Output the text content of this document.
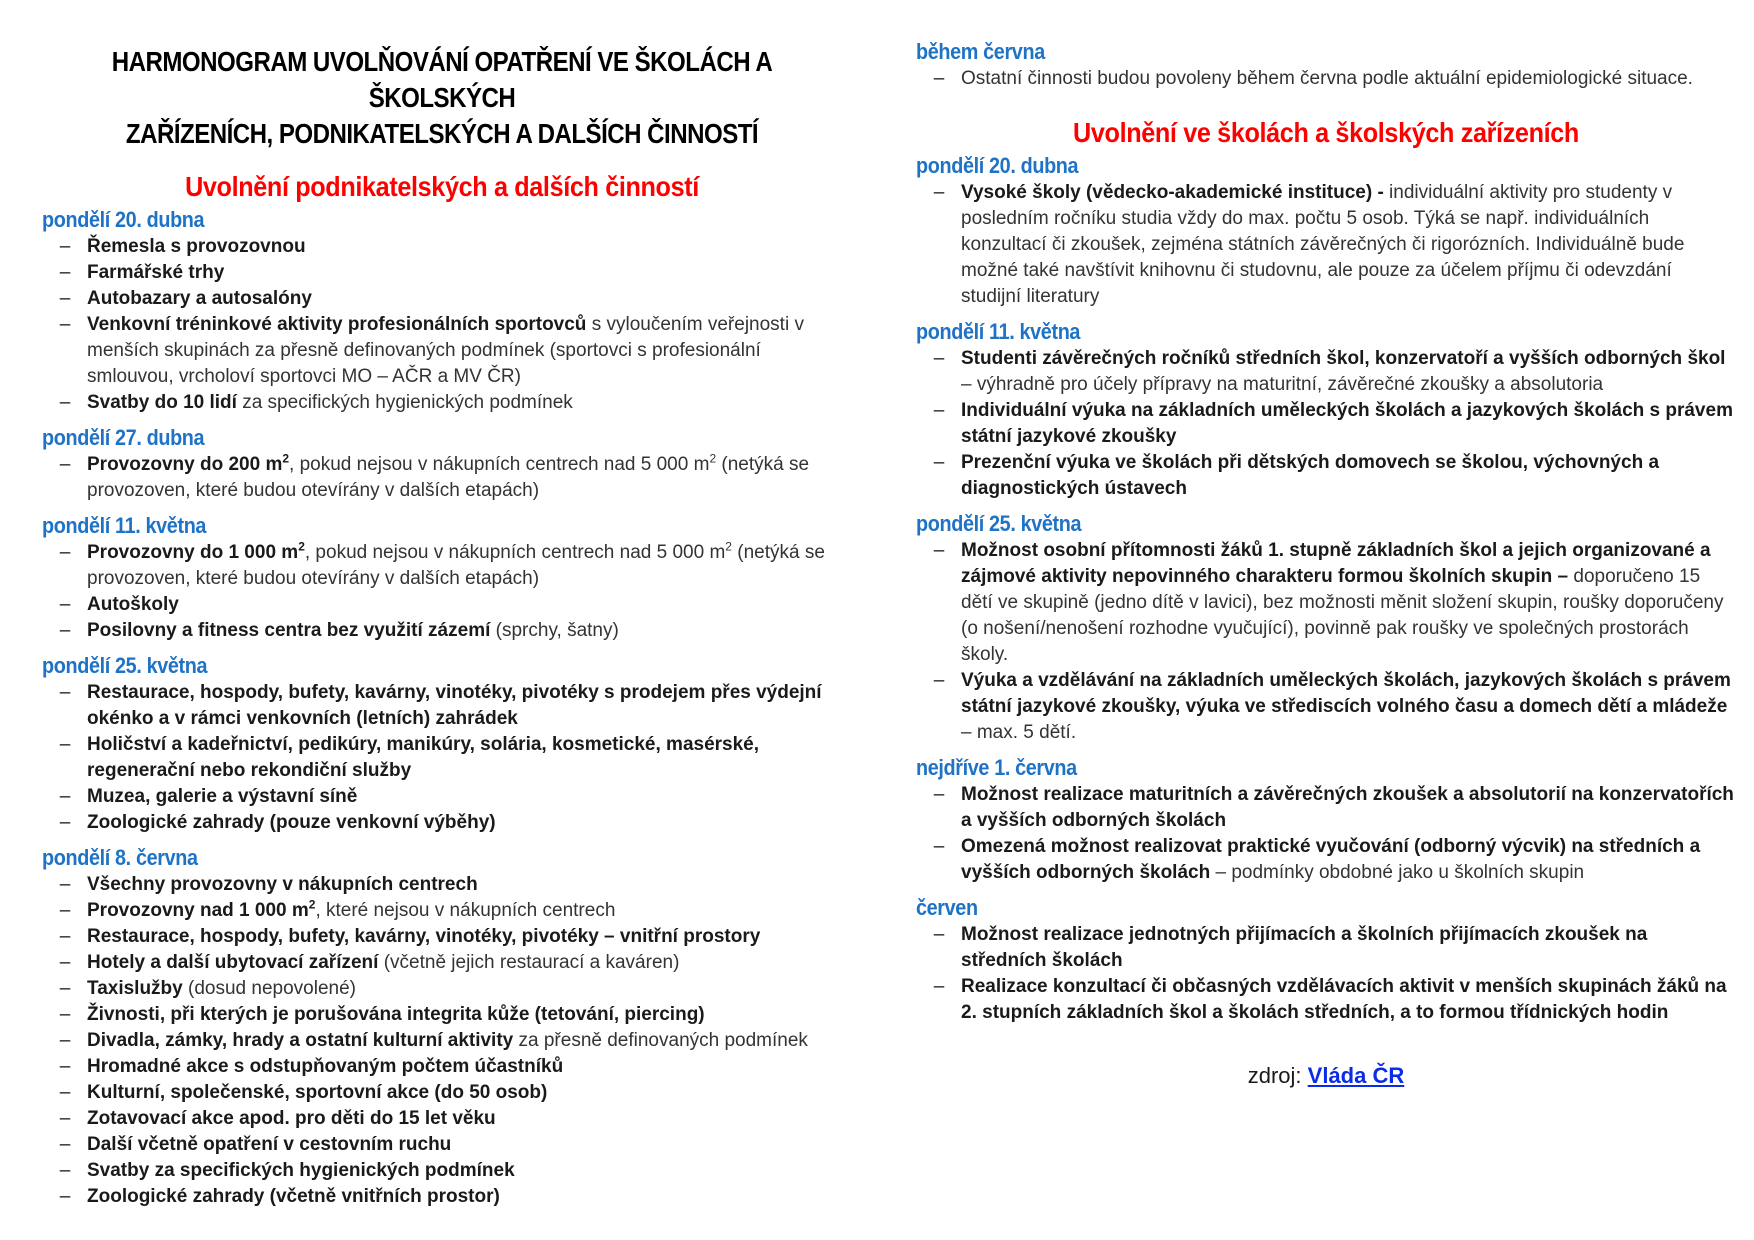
HARMONOGRAM UVOLŇOVÁNÍ OPATŘENÍ VE ŠKOLÁCH A ŠKOLSKÝCH
ZAŘÍZENÍCH, PODNIKATELSKÝCH A DALŠÍCH ČINNOSTÍ
Uvolnění podnikatelských a dalších činností
pondělí 20. dubna
– Řemesla s provozovnou
– Farmářské trhy
– Autobazary a autosalóny
– Venkovní tréninkové aktivity profesionálních sportovců s vyloučením veřejnosti v menších skupinách za přesně definovaných podmínek (sportovci s profesionální smlouvou, vrcholoví sportovci MO – AČR a MV ČR)
– Svatby do 10 lidí za specifických hygienických podmínek
pondělí 27. dubna
– Provozovny do 200 $m^2$, pokud nejsou v nákupních centrech nad 5 000 $m^2$ (netýká se provozoven, které budou otevírány v dalších etapách)
pondělí 11. května
– Provozovny do 1 000 $m^2$, pokud nejsou v nákupních centrech nad 5 000 $m^2$ (netýká se provozoven, které budou otevírány v dalších etapách)
– Autoškoly
– Posilovny a fitness centra bez využití zázemí (sprchy, šatny)
pondělí 25. května
– Restaurace, hospody, bufety, kavárny, vinotéky, pivotéky s prodejem přes výdejní okénko a v rámci venkovních (letních) zahrádek
– Holičství a kadeřnictví, pedikúry, manikúry, solária, kosmetické, masérské, regenerační nebo rekondiční služby
– Muzea, galerie a výstavní síně
– Zoologické zahrady (pouze venkovní výběhy)
pondělí 8. června
– Všechny provozovny v nákupních centrech
– Provozovny nad 1 000 $m^2$, které nejsou v nákupních centrech
– Restaurace, hospody, bufety, kavárny, vinotéky, pivotéky – vnitřní prostory
– Hotely a další ubytovací zařízení (včetně jejich restaurací a kaváren)
– Taxislužby (dosud nepovolené)
– Živnosti, při kterých je porušována integrita kůže (tetování, piercing)
– Divadla, zámky, hrady a ostatní kulturní aktivity za přesně definovaných podmínek
– Hromadné akce s odstupňovaným počtem účastníků
– Kulturní, společenské, sportovní akce (do 50 osob)
– Zotavovací akce apod. pro děti do 15 let věku
– Další včetně opatření v cestovním ruchu
– Svatby za specifických hygienických podmínek
– Zoologické zahrady (včetně vnitřních prostor)
během června
– Ostatní činnosti budou povoleny během června podle aktuální epidemiologické situace.
Uvolnění ve školách a školských zařízeních
pondělí 20. dubna
– Vysoké školy (vědecko-akademické instituce) - individuální aktivity pro studenty v posledním ročníku studia vždy do max. počtu 5 osob. Týká se např. individuálních konzultací či zkoušek, zejména státních závěrečných či rigorózních. Individuálně bude možné také navštívit knihovnu či studovnu, ale pouze za účelem příjmu či odevzdání studijní literatury
pondělí 11. května
– Studenti závěrečných ročníků středních škol, konzervatoří a vyšších odborných škol – výhradně pro účely přípravy na maturitní, závěrečné zkoušky a absolutoria
– Individuální výuka na základních uměleckých školách a jazykových školách s právem státní jazykové zkoušky
– Prezenční výuka ve školách při dětských domovech se školou, výchovných a diagnostických ústavech
pondělí 25. května
– Možnost osobní přítomnosti žáků 1. stupně základních škol a jejich organizované a zájmové aktivity nepovinného charakteru formou školních skupin – doporučeno 15 dětí ve skupině (jedno dítě v lavici), bez možnosti měnit složení skupin, roušky doporučeny (o nošení/nenošení rozhodne vyučující), povinně pak roušky ve společných prostorách školy.
– Výuka a vzdělávání na základních uměleckých školách, jazykových školách s právem státní jazykové zkoušky, výuka ve střediscích volného času a domech dětí a mládeže – max. 5 dětí.
nejdříve 1. června
– Možnost realizace maturitních a závěrečných zkoušek a absolutorií na konzervatořích a vyšších odborných školách
– Omezená možnost realizovat praktické vyučování (odborný výcvik) na středních a vyšších odborných školách – podmínky obdobné jako u školních skupin
červen
– Možnost realizace jednotných přijímacích a školních přijímacích zkoušek na středních školách
– Realizace konzultací či občasných vzdělávacích aktivit v menších skupinách žáků na 2. stupních základních škol a školách středních, a to formou třídnických hodin
zdroj: Vláda ČR
